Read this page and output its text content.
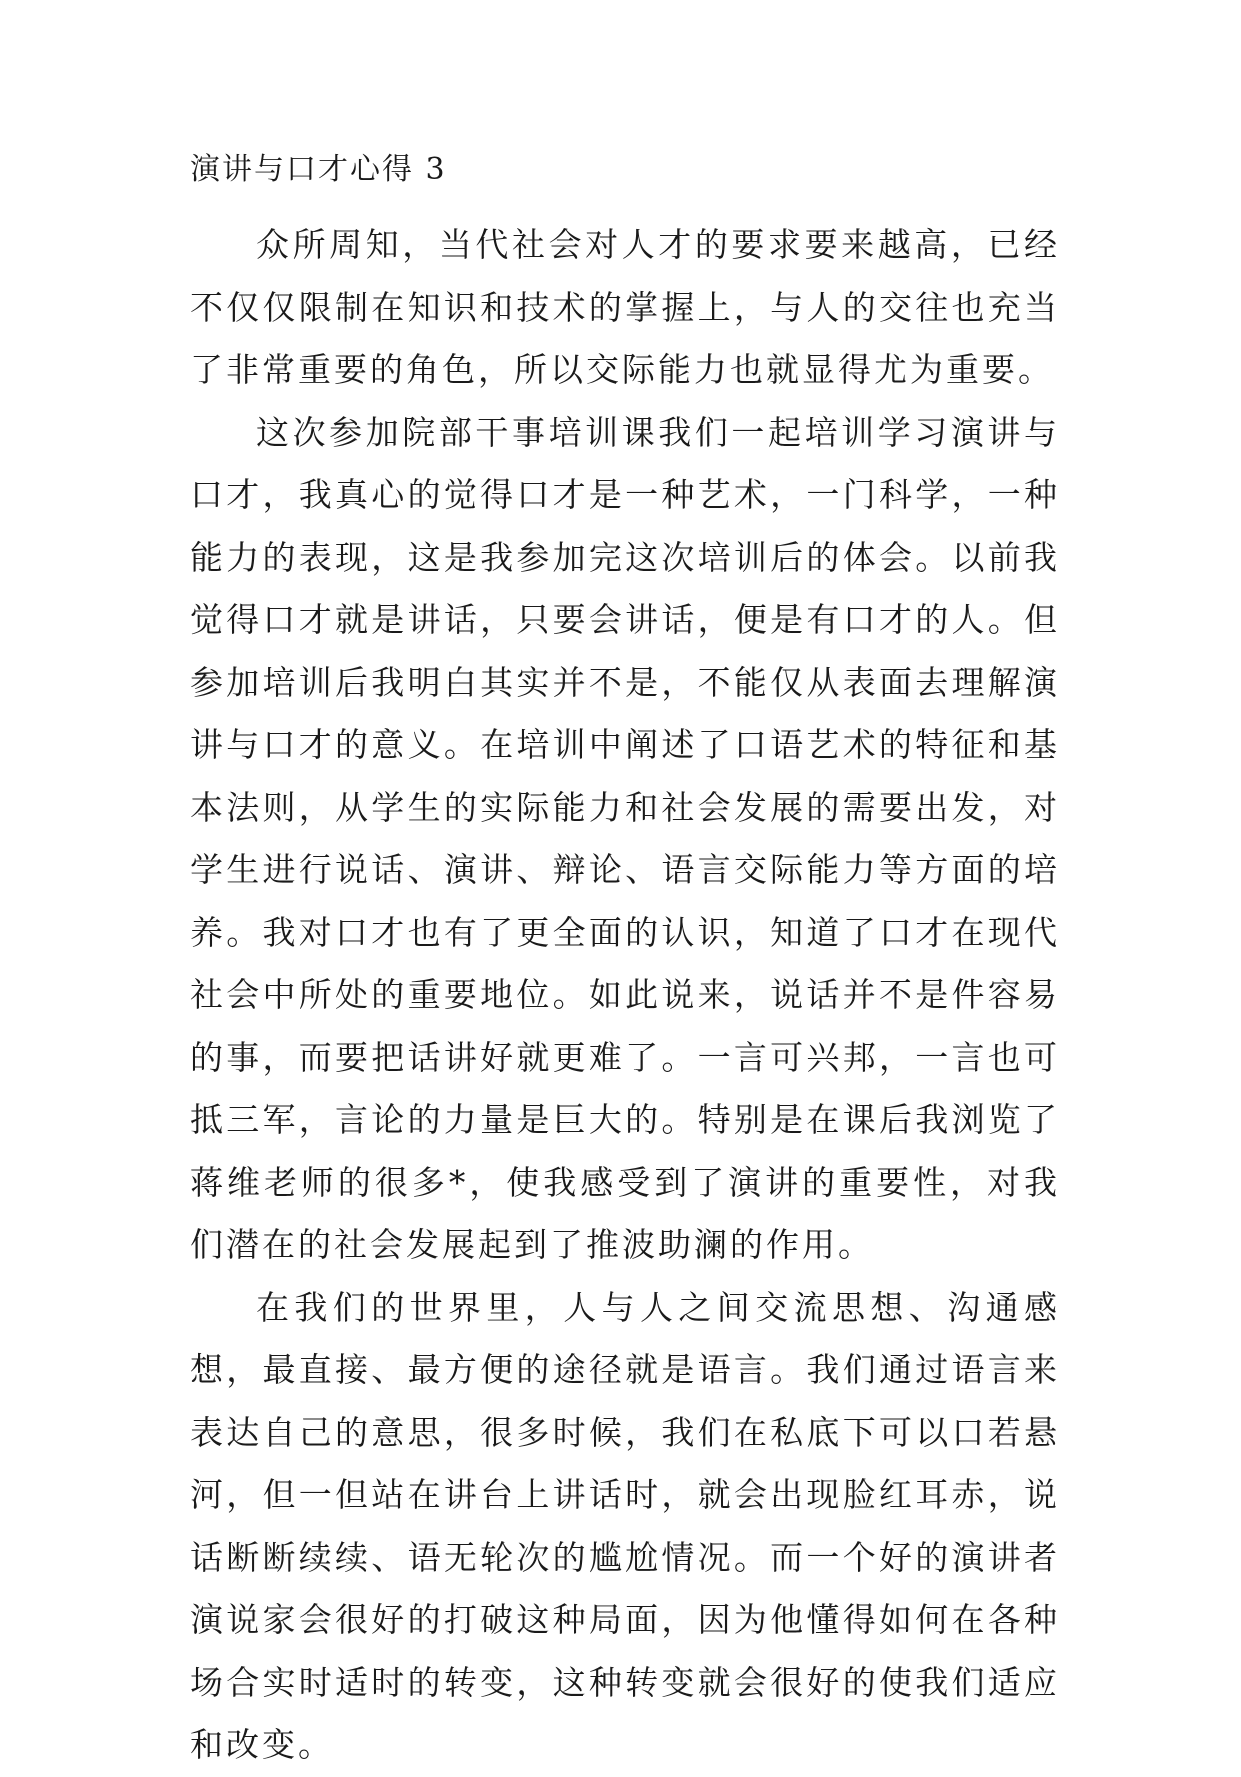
演讲与口才心得 3

众所周知，当代社会对人才的要求要来越高，已经不仅仅限制在知识和技术的掌握上，与人的交往也充当了非常重要的角色，所以交际能力也就显得尤为重要。

这次参加院部干事培训课我们一起培训学习演讲与口才，我真心的觉得口才是一种艺术，一门科学，一种能力的表现，这是我参加完这次培训后的体会。以前我觉得口才就是讲话，只要会讲话，便是有口才的人。但参加培训后我明白其实并不是，不能仅从表面去理解演讲与口才的意义。在培训中阐述了口语艺术的特征和基本法则，从学生的实际能力和社会发展的需要出发，对学生进行说话、演讲、辩论、语言交际能力等方面的培养。我对口才也有了更全面的认识，知道了口才在现代社会中所处的重要地位。如此说来，说话并不是件容易的事，而要把话讲好就更难了。一言可兴邦，一言也可抵三军，言论的力量是巨大的。特别是在课后我浏览了蒋维老师的很多*，使我感受到了演讲的重要性，对我们潜在的社会发展起到了推波助澜的作用。

在我们的世界里，人与人之间交流思想、沟通感想，最直接、最方便的途径就是语言。我们通过语言来表达自己的意思，很多时候，我们在私底下可以口若悬河，但一但站在讲台上讲话时，就会出现脸红耳赤，说话断断续续、语无轮次的尴尬情况。而一个好的演讲者演说家会很好的打破这种局面，因为他懂得如何在各种场合实时适时的转变，这种转变就会很好的使我们适应和改变。
